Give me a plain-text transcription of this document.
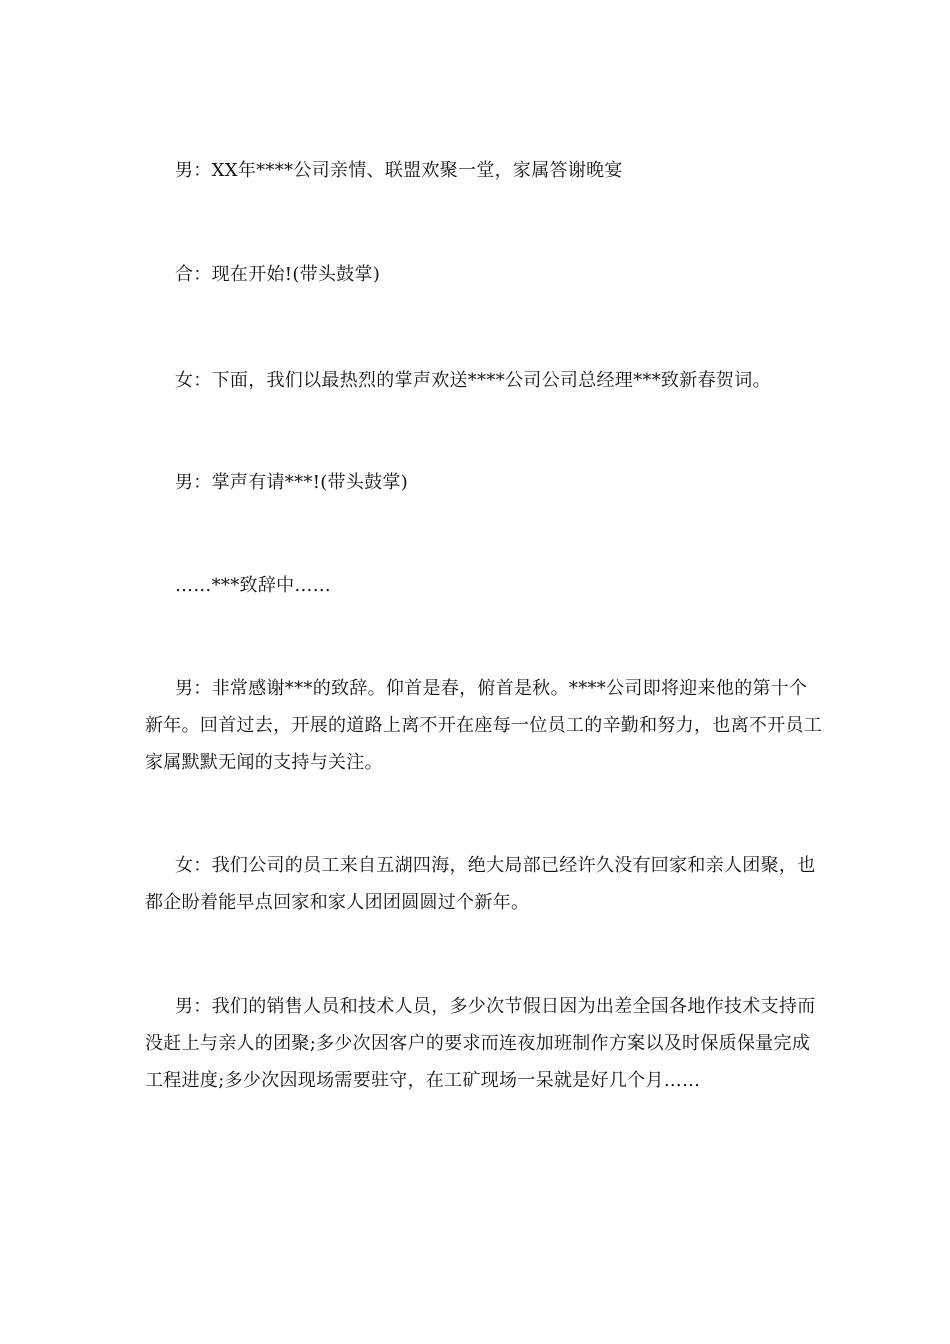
男：XX年****公司亲情、联盟欢聚一堂，家属答谢晚宴

合：现在开始!(带头鼓掌)

女：下面，我们以最热烈的掌声欢送****公司公司总经理***致新春贺词。

男：掌声有请***!(带头鼓掌)

……***致辞中……

男：非常感谢***的致辞。仰首是春，俯首是秋。****公司即将迎来他的第十个新年。回首过去，开展的道路上离不开在座每一位员工的辛勤和努力，也离不开员工家属默默无闻的支持与关注。

女：我们公司的员工来自五湖四海，绝大局部已经许久没有回家和亲人团聚，也都企盼着能早点回家和家人团团圆圆过个新年。

男：我们的销售人员和技术人员，多少次节假日因为出差全国各地作技术支持而没赶上与亲人的团聚;多少次因客户的要求而连夜加班制作方案以及时保质保量完成工程进度;多少次因现场需要驻守，在工矿现场一呆就是好几个月……
